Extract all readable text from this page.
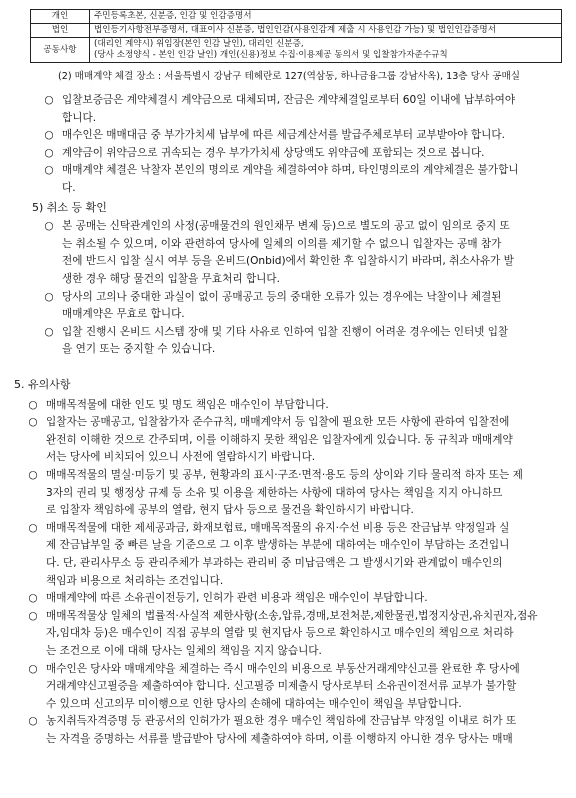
개인	주민등록초본, 신분증, 인감 및 인감증명서
법인	법인등기사항전부증명서, 대표이사 신분증, 법인인감(사용인감계 제출 시 사용인감 가능) 및 법인인감증명서
공동사항	(대리인 계약시) 위임장(본인 인감 날인), 대리인 신분증,
(당사 소정양식 - 본인 인감 날인) 개인(신용)정보 수집·이용제공 동의서 및 입찰참가자준수규칙
(2) 매매계약 체결 장소 : 서울특별시 강남구 테헤란로 127(역삼동, 하나금융그룹 강남사옥), 13층 당사 공매실
○ 입찰보증금은 계약체결시 계약금으로 대체되며, 잔금은 계약체결일로부터 60일 이내에 납부하여야
합니다.
○ 매수인은 매매대금 중 부가가치세 납부에 따른 세금계산서를 발급주체로부터 교부받아야 합니다.
○ 계약금이 위약금으로 귀속되는 경우 부가가치세 상당액도 위약금에 포함되는 것으로 봅니다.
○ 매매계약 체결은 낙찰자 본인의 명의로 계약을 체결하여야 하며, 타인명의로의 계약체결은 불가합니
다.
5) 취소 등 확인
○ 본 공매는 신탁관계인의 사정(공매물건의 원인채무 변제 등)으로 별도의 공고 없이 임의로 중지 또
는 취소될 수 있으며, 이와 관련하여 당사에 일체의 이의를 제기할 수 없으니 입찰자는 공매 참가
전에 반드시 입찰 실시 여부 등을 온비드(Onbid)에서 확인한 후 입찰하시기 바라며, 취소사유가 발
생한 경우 해당 물건의 입찰을 무효처리 합니다.
○ 당사의 고의나 중대한 과실이 없이 공매공고 등의 중대한 오류가 있는 경우에는 낙찰이나 체결된
매매계약은 무효로 합니다.
○ 입찰 진행시 온비드 시스템 장애 및 기타 사유로 인하여 입찰 진행이 어려운 경우에는 인터넷 입찰
을 연기 또는 중지할 수 있습니다.
5. 유의사항
○ 매매목적물에 대한 인도 및 명도 책임은 매수인이 부담합니다.
○ 입찰자는 공매공고, 입찰참가자 준수규칙, 매매계약서 등 입찰에 필요한 모든 사항에 관하여 입찰전에
완전히 이해한 것으로 간주되며, 이를 이해하지 못한 책임은 입찰자에게 있습니다. 동 규칙과 매매계약
서는 당사에 비치되어 있으니 사전에 열람하시기 바랍니다.
○ 매매목적물의 멸실·미등기 및 공부, 현황과의 표시·구조·면적·용도 등의 상이와 기타 물리적 하자 또는 제
3자의 권리 및 행정상 규제 등 소유 및 이용을 제한하는 사항에 대하여 당사는 책임을 지지 아니하므
로 입찰자 책임하에 공부의 열람, 현지 답사 등으로 물건을 확인하시기 바랍니다.
○ 매매목적물에 대한 제세공과금, 화재보험료, 매매목적물의 유지·수선 비용 등은 잔금납부 약정일과 실
제 잔금납부일 중 빠른 날을 기준으로 그 이후 발생하는 부분에 대하여는 매수인이 부담하는 조건입니
다. 단, 관리사무소 등 관리주체가 부과하는 관리비 중 미납금액은 그 발생시기와 관계없이 매수인의
책임과 비용으로 처리하는 조건입니다.
○ 매매계약에 따른 소유권이전등기, 인허가 관련 비용과 책임은 매수인이 부담합니다.
○ 매매목적물상 일체의 법률적·사실적 제한사항(소송,압류,경매,보전처분,제한물권,법정지상권,유치권자,점유
자,임대차 등)은 매수인이 직접 공부의 열람 및 현지답사 등으로 확인하시고 매수인의 책임으로 처리하
는 조건으로 이에 대해 당사는 일체의 책임을 지지 않습니다.
○ 매수인은 당사와 매매계약을 체결하는 즉시 매수인의 비용으로 부동산거래계약신고를 완료한 후 당사에
거래계약신고필증을 제출하여야 합니다. 신고필증 미제출시 당사로부터 소유권이전서류 교부가 불가할
수 있으며 신고의무 미이행으로 인한 당사의 손해에 대하여는 매수인이 책임을 부담합니다.
○ 농지취득자격증명 등 관공서의 인허가가 필요한 경우 매수인 책임하에 잔금납부 약정일 이내로 허가 또
는 자격을 증명하는 서류를 발급받아 당사에 제출하여야 하며, 이를 이행하지 아니한 경우 당사는 매매
